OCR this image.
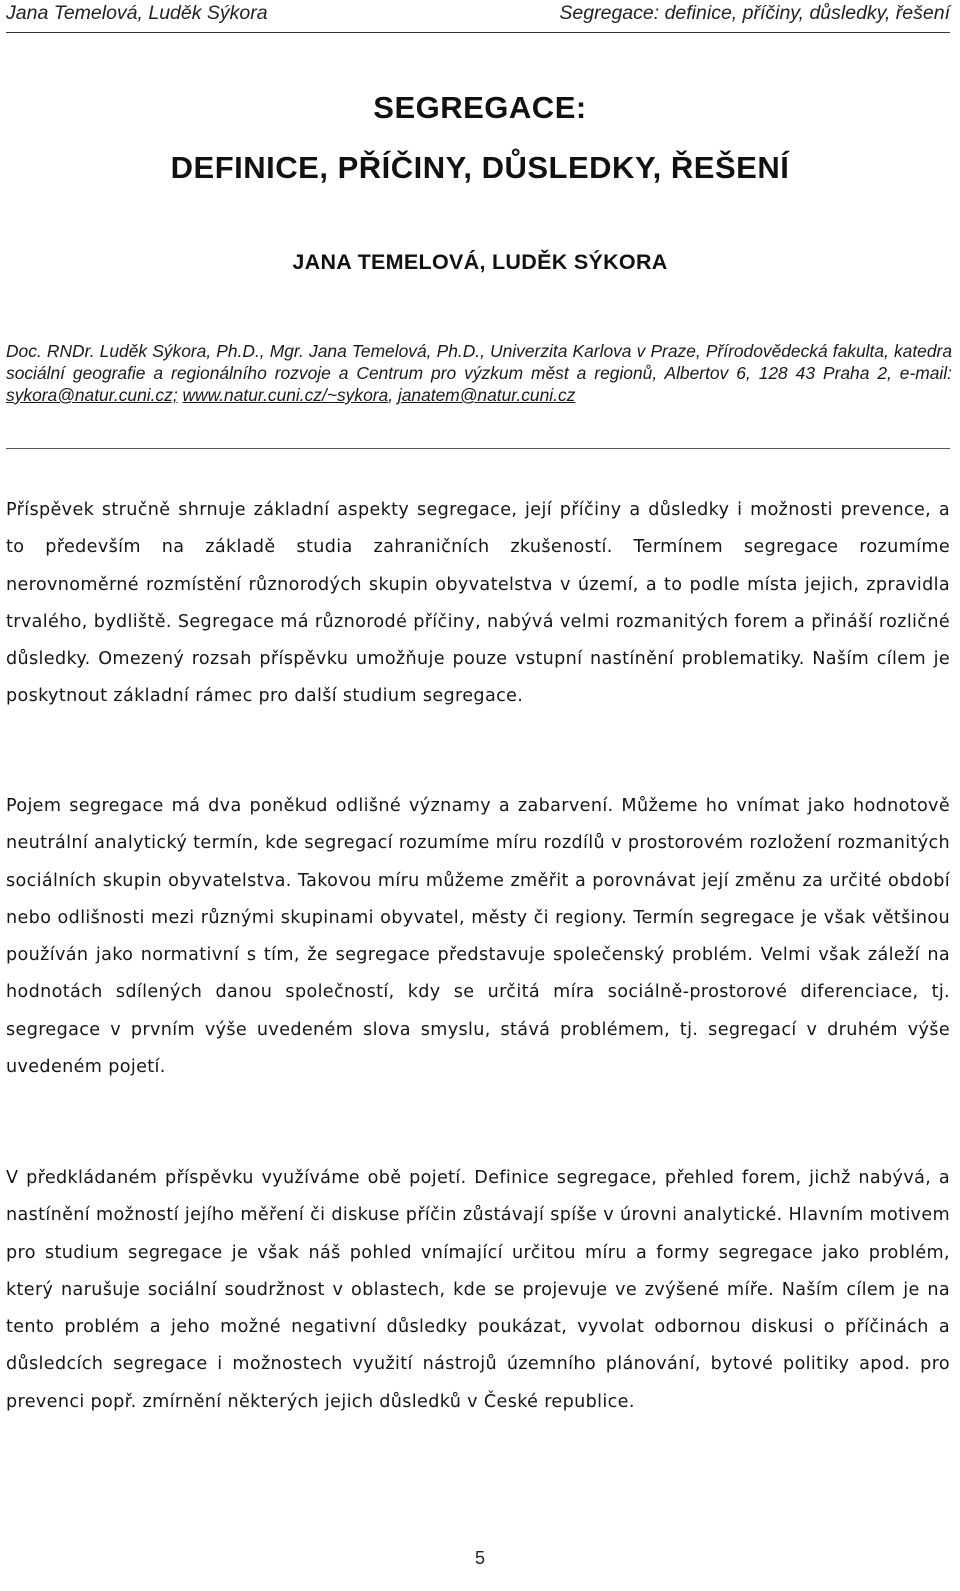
Jana Temelová, Luděk Sýkora	Segregace: definice, příčiny, důsledky, řešení
SEGREGACE:
DEFINICE, PŘÍČINY, DŮSLEDKY, ŘEŠENÍ
JANA TEMELOVÁ, LUDĚK SÝKORA

Doc. RNDr. Luděk Sýkora, Ph.D., Mgr. Jana Temelová, Ph.D., Univerzita Karlova v Praze, Přírodovědecká fakulta, katedra sociální geografie a regionálního rozvoje a Centrum pro výzkum měst a regionů, Albertov 6, 128 43 Praha 2, e-mail: sykora@natur.cuni.cz; www.natur.cuni.cz/~sykora, janatem@natur.cuni.cz

Příspěvek stručně shrnuje základní aspekty segregace, její příčiny a důsledky i možnosti prevence, a to především na základě studia zahraničních zkušeností. Termínem segregace rozumíme nerovnoměrné rozmístění různorodých skupin obyvatelstva v území, a to podle místa jejich, zpravidla trvalého, bydliště. Segregace má různorodé příčiny, nabývá velmi rozmanitých forem a přináší rozličné důsledky. Omezený rozsah příspěvku umožňuje pouze vstupní nastínění problematiky. Naším cílem je poskytnout základní rámec pro další studium segregace.

Pojem segregace má dva poněkud odlišné významy a zabarvení. Můžeme ho vnímat jako hodnotově neutrální analytický termín, kde segregací rozumíme míru rozdílů v prostorovém rozložení rozmanitých sociálních skupin obyvatelstva. Takovou míru můžeme změřit a porovnávat její změnu za určité období nebo odlišnosti mezi různými skupinami obyvatel, městy či regiony. Termín segregace je však většinou používán jako normativní s tím, že segregace představuje společenský problém. Velmi však záleží na hodnotách sdílených danou společností, kdy se určitá míra sociálně-prostorové diferenciace, tj. segregace v prvním výše uvedeném slova smyslu, stává problémem, tj. segregací v druhém výše uvedeném pojetí.

V předkládaném příspěvku využíváme obě pojetí. Definice segregace, přehled forem, jichž nabývá, a nastínění možností jejího měření či diskuse příčin zůstávají spíše v úrovni analytické. Hlavním motivem pro studium segregace je však náš pohled vnímající určitou míru a formy segregace jako problém, který narušuje sociální soudržnost v oblastech, kde se projevuje ve zvýšené míře. Naším cílem je na tento problém a jeho možné negativní důsledky poukázat, vyvolat odbornou diskusi o příčinách a důsledcích segregace i možnostech využití nástrojů územního plánování, bytové politiky apod. pro prevenci popř. zmírnění některých jejich důsledků v České republice.

5
